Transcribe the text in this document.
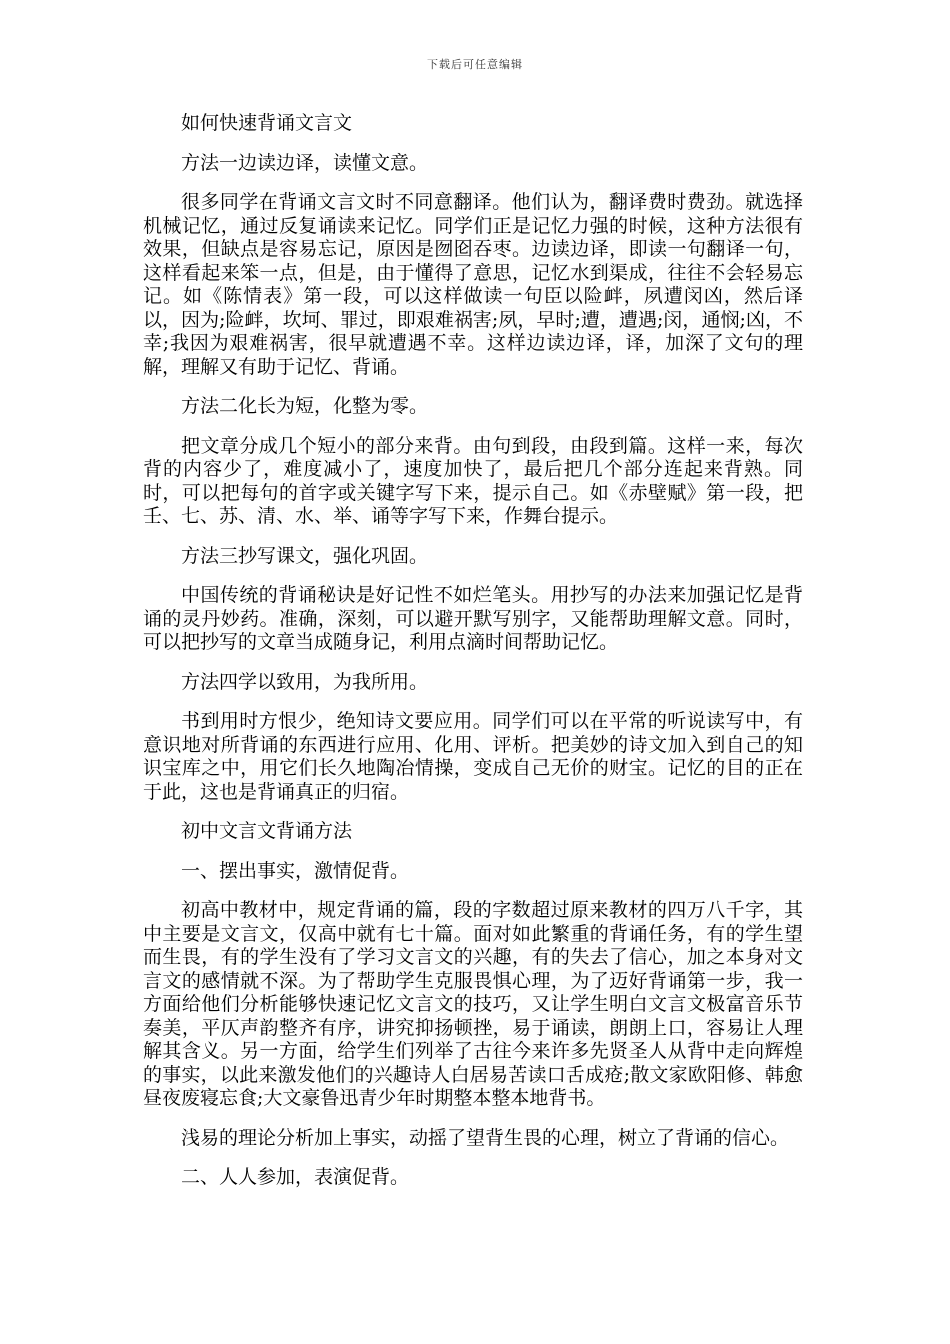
下载后可任意编辑

如何快速背诵文言文

方法一边读边译，读懂文意。

很多同学在背诵文言文时不同意翻译。他们认为，翻译费时费劲。就选择机械记忆，通过反复诵读来记忆。同学们正是记忆力强的时候，这种方法很有效果，但缺点是容易忘记，原因是囫囵吞枣。边读边译，即读一句翻译一句，这样看起来笨一点，但是，由于懂得了意思，记忆水到渠成，往往不会轻易忘记。如《陈情表》第一段，可以这样做读一句臣以险衅，夙遭闵凶，然后译以，因为;险衅，坎坷、罪过，即艰难祸害;夙，早时;遭，遭遇;闵，通悯;凶，不幸;我因为艰难祸害，很早就遭遇不幸。这样边读边译，译，加深了文句的理解，理解又有助于记忆、背诵。

方法二化长为短，化整为零。

把文章分成几个短小的部分来背。由句到段，由段到篇。这样一来，每次背的内容少了，难度减小了，速度加快了，最后把几个部分连起来背熟。同时，可以把每句的首字或关键字写下来，提示自己。如《赤壁赋》第一段，把壬、七、苏、清、水、举、诵等字写下来，作舞台提示。

方法三抄写课文，强化巩固。

中国传统的背诵秘诀是好记性不如烂笔头。用抄写的办法来加强记忆是背诵的灵丹妙药。准确，深刻，可以避开默写别字，又能帮助理解文意。同时，可以把抄写的文章当成随身记，利用点滴时间帮助记忆。

方法四学以致用，为我所用。

书到用时方恨少，绝知诗文要应用。同学们可以在平常的听说读写中，有意识地对所背诵的东西进行应用、化用、评析。把美妙的诗文加入到自己的知识宝库之中，用它们长久地陶冶情操，变成自己无价的财宝。记忆的目的正在于此，这也是背诵真正的归宿。

初中文言文背诵方法

一、摆出事实，激情促背。

初高中教材中，规定背诵的篇，段的字数超过原来教材的四万八千字，其中主要是文言文，仅高中就有七十篇。面对如此繁重的背诵任务，有的学生望而生畏，有的学生没有了学习文言文的兴趣，有的失去了信心，加之本身对文言文的感情就不深。为了帮助学生克服畏惧心理，为了迈好背诵第一步，我一方面给他们分析能够快速记忆文言文的技巧，又让学生明白文言文极富音乐节奏美，平仄声韵整齐有序，讲究抑扬顿挫，易于诵读，朗朗上口，容易让人理解其含义。另一方面，给学生们列举了古往今来许多先贤圣人从背中走向辉煌的事实，以此来激发他们的兴趣诗人白居易苦读口舌成疮;散文家欧阳修、韩愈昼夜废寝忘食;大文豪鲁迅青少年时期整本整本地背书。

浅易的理论分析加上事实，动摇了望背生畏的心理，树立了背诵的信心。

二、人人参加，表演促背。
